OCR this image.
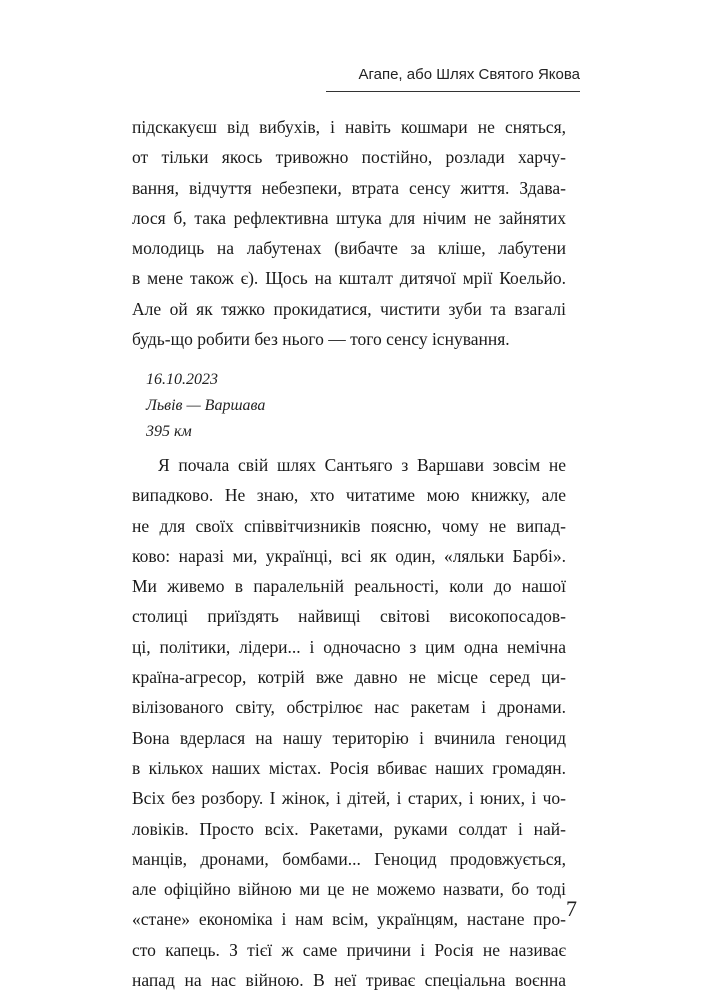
Агапе, або Шлях Святого Якова
підскакуєш від вибухів, і навіть кошмари не сняться,
от тільки якось тривожно постійно, розлади харчу-
вання, відчуття небезпеки, втрата сенсу життя. Здава-
лося б, така рефлективна штука для нічим не зайнятих
молодиць на лабутенах (вибачте за кліше, лабутени
в мене також є). Щось на кшталт дитячої мрії Коельйо.
Але ой як тяжко прокидатися, чистити зуби та взагалі
будь-що робити без нього — того сенсу існування.
16.10.2023
Львів — Варшава
395 км
Я почала свій шлях Сантьяго з Варшави зовсім не
випадково. Не знаю, хто читатиме мою книжку, але
не для своїх співвітчизників поясню, чому не випад-
ково: наразі ми, українці, всі як один, «ляльки Барбі».
Ми живемо в паралельній реальності, коли до нашої
столиці приїздять найвищі світові високопосадов-
ці, політики, лідери... і одночасно з цим одна немічна
країна-агресор, котрій вже давно не місце серед ци-
вілізованого світу, обстрілює нас ракетам і дронами.
Вона вдерлася на нашу територію і вчинила геноцид
в кількох наших містах. Росія вбиває наших громадян.
Всіх без розбору. І жінок, і дітей, і старих, і юних, і чо-
ловіків. Просто всіх. Ракетами, руками солдат і най-
манців, дронами, бомбами... Геноцид продовжується,
але офіційно війною ми це не можемо назвати, бо тоді
«стане» економіка і нам всім, українцям, настане про-
сто капець. З тієї ж саме причини і Росія не називає
напад на нас війною. В неї триває спеціальна воєнна
7
